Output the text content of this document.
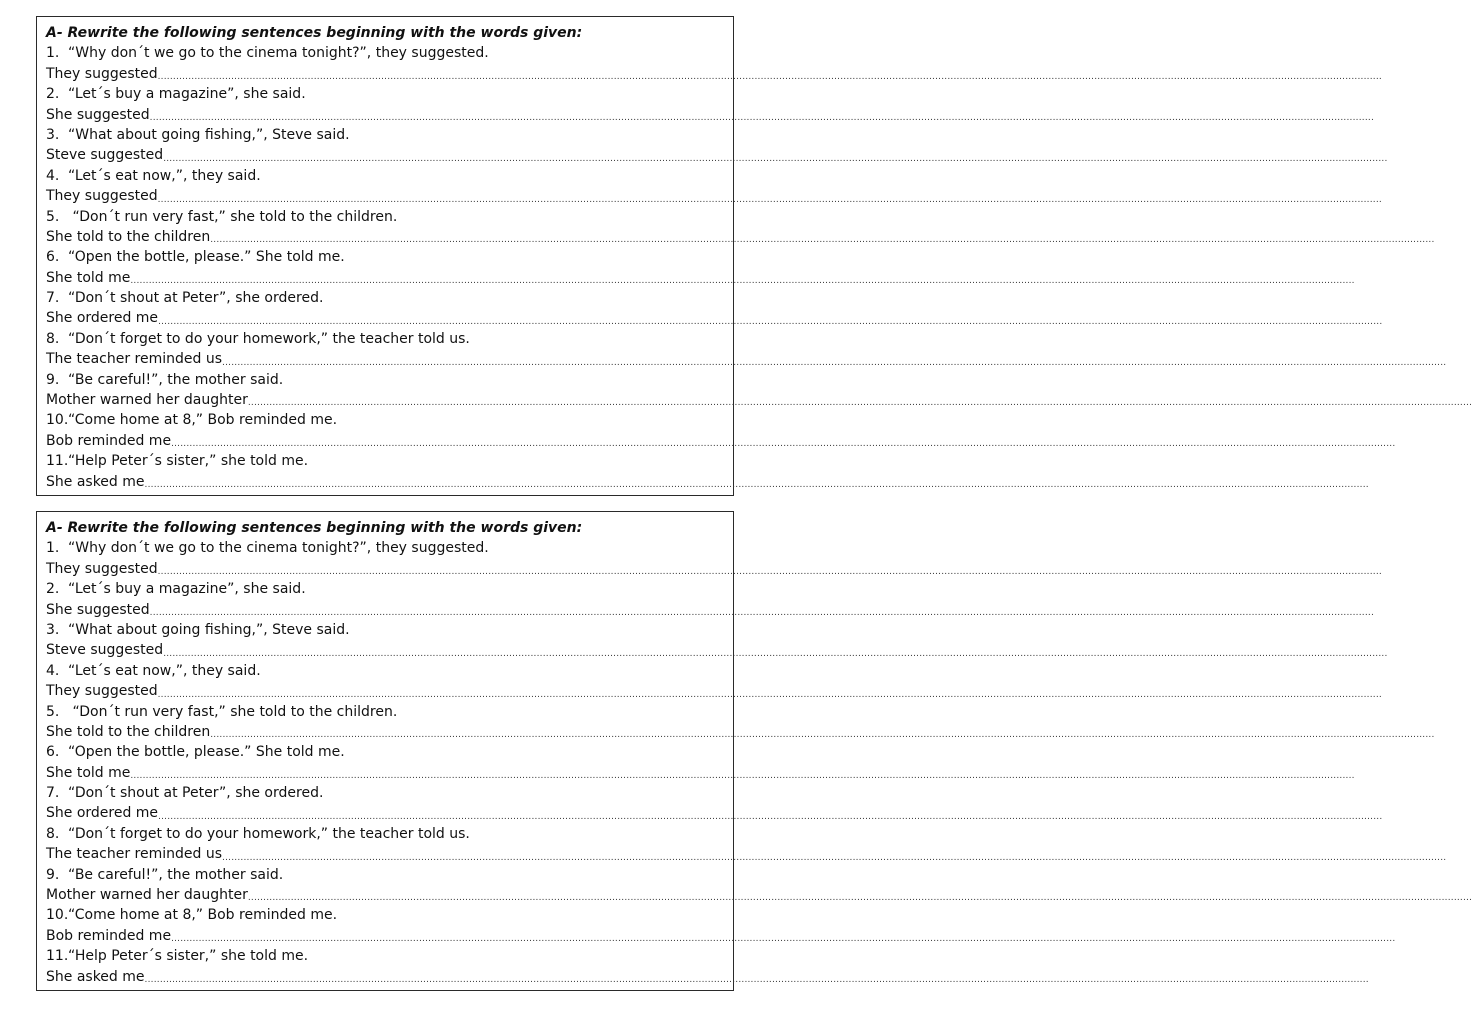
A- Rewrite the following sentences beginning with the words given:
1. “Why don´t we go to the cinema tonight?”, they suggested.
They suggested ................................................................................................................................................................................................................................................................................................................................................................................................................
2. “Let´s buy a magazine”, she said.
She suggested ................................................................................................................................................................................................................................................................................................................................................................................................................
3. “What about going fishing,”, Steve said.
Steve suggested ................................................................................................................................................................................................................................................................................................................................................................................................................
4. “Let´s eat now,”, they said.
They suggested ................................................................................................................................................................................................................................................................................................................................................................................................................
5. “Don´t run very fast,” she told to the children.
She told to the children ................................................................................................................................................................................................................................................................................................................................................................................................................
6. “Open the bottle, please.” She told me.
She told me ................................................................................................................................................................................................................................................................................................................................................................................................................
7. “Don´t shout at Peter”, she ordered.
She ordered me ................................................................................................................................................................................................................................................................................................................................................................................................................
8. “Don´t forget to do your homework,” the teacher told us.
The teacher reminded us ................................................................................................................................................................................................................................................................................................................................................................................................................
9. “Be careful!”, the mother said.
Mother warned her daughter ................................................................................................................................................................................................................................................................................................................................................................................................................
10.“Come home at 8,” Bob reminded me.
Bob reminded me ................................................................................................................................................................................................................................................................................................................................................................................................................
11.“Help Peter´s sister,” she told me.
She asked me ................................................................................................................................................................................................................................................................................................................................................................................................................
A- Rewrite the following sentences beginning with the words given:
1. “Why don´t we go to the cinema tonight?”, they suggested.
They suggested ................................................................................................................................................................................................................................................................................................................................................................................................................
2. “Let´s buy a magazine”, she said.
She suggested ................................................................................................................................................................................................................................................................................................................................................................................................................
3. “What about going fishing,”, Steve said.
Steve suggested ................................................................................................................................................................................................................................................................................................................................................................................................................
4. “Let´s eat now,”, they said.
They suggested ................................................................................................................................................................................................................................................................................................................................................................................................................
5. “Don´t run very fast,” she told to the children.
She told to the children ................................................................................................................................................................................................................................................................................................................................................................................................................
6. “Open the bottle, please.” She told me.
She told me ................................................................................................................................................................................................................................................................................................................................................................................................................
7. “Don´t shout at Peter”, she ordered.
She ordered me ................................................................................................................................................................................................................................................................................................................................................................................................................
8. “Don´t forget to do your homework,” the teacher told us.
The teacher reminded us ................................................................................................................................................................................................................................................................................................................................................................................................................
9. “Be careful!”, the mother said.
Mother warned her daughter ................................................................................................................................................................................................................................................................................................................................................................................................................
10.“Come home at 8,” Bob reminded me.
Bob reminded me ................................................................................................................................................................................................................................................................................................................................................................................................................
11.“Help Peter´s sister,” she told me.
She asked me ................................................................................................................................................................................................................................................................................................................................................................................................................
